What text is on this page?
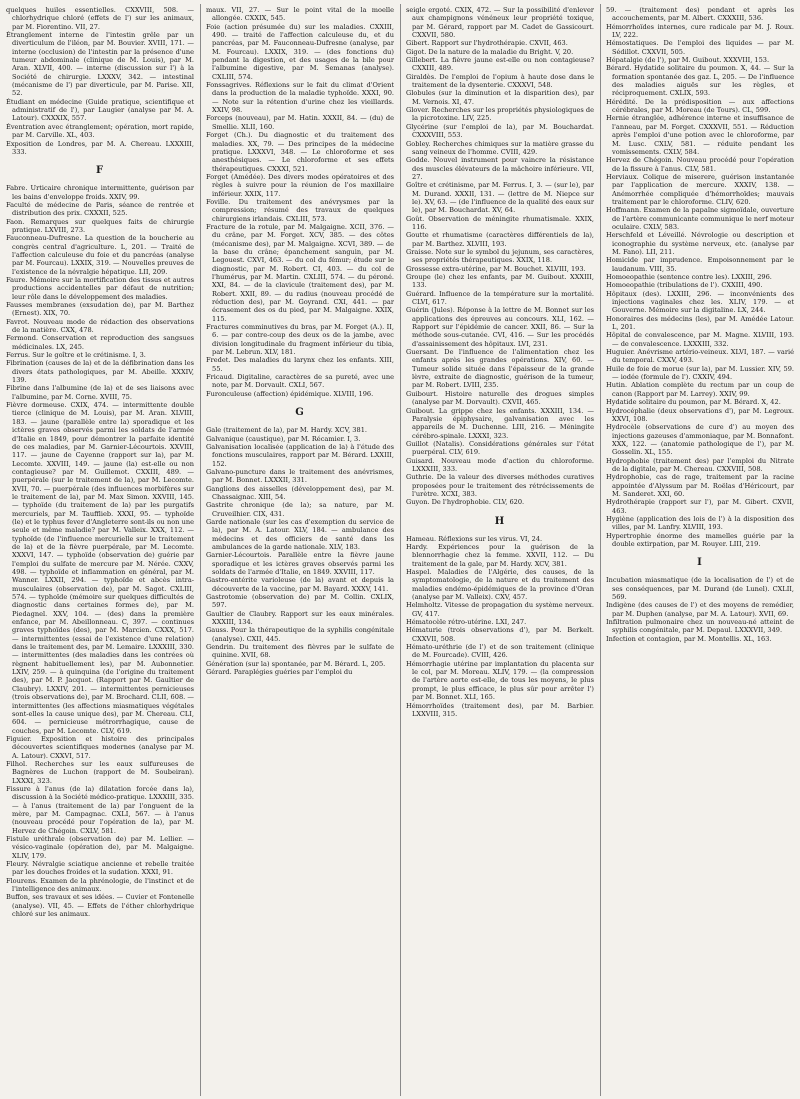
quelques huiles essentielles. CXXVIII, 508. — chlorhydrique chloré (effets de l') sur les animaux, par M. Fiorentino. VII, 27.

Étranglement interne de l'intestin grêle par un diverticulum de l'iléon, par M. Bouvier. XVIII, 171. — interne (occlusion) de l'intestin par la présence d'une tumeur abdominale (clinique de M. Louis), par M. Aran. XLVII, 400. — interne (discussion sur l') à la Société de chirurgie. LXXXV, 342. — intestinal (mécanisme de l') par diverticule, par M. Parise. XII, 52.

Étudiant en médecine (Guide pratique, scientifique et administratif de l'), par Laugier (analyse par M. A. Latour). CXXXIX, 557.

Éventration avec étranglement; opération, mort rapide, par M. Carville. XL, 403.

Exposition de Londres, par M. A. Chereau. LXXXIII, 333.

F

Fabre. Urticaire chronique intermittente, guérison par les bains d'enveloppe froids. XXIV, 99.

Faculté de médecine de Paris, séance de rentrée et distribution des prix. CXXXII, 525.

Faon. Remarques sur quelques faits de chirurgie pratique. LXVIII, 273.

Fauconneau-Dufresne. La question de la boucherie au congrès central d'agriculture. L, 201. — Traité de l'affection calculeuse du foie et du pancréas (analyse par M. Fourcau). LXXIX, 319. — Nouvelles preuves de l'existence de la névralgie hépatique. LII, 209.

Faure. Mémoire sur la mortification des tissus et autres productions accidentelles par défaut de nutrition; leur rôle dans le développement des maladies.

Fausses membranes (exsudation de), par M. Barthez (Ernest). XIX, 70.

Favrot. Nouveau mode de rédaction des observations de la matière. CXX, 478.

Fermond. Conservation et reproduction des sangsues médicinales. LX, 245.

Ferrus. Sur le goître et le crétinisme. I, 3.

Fibrination (causes de la) et de la défibrination dans les divers états pathologiques, par M. Abeille. XXXIV, 139.

Fibrine dans l'albumine (de la) et de ses liaisons avec l'albumine, par M. Corne. XVIII, 75.

Fièvre dormeuse. CXIX, 474. — intermittente double tierce (clinique de M. Louis), par M. Aran. XLVIII, 183. — jaune (parallèle entre la) sporadique et les ictères graves observés parmi les soldats de l'armée d'Italie en 1849, pour démontrer la parfaite identité de ces maladies, par M. Garnier-Lécourtois. XXVIII, 117. — jaune de Cayenne (rapport sur la), par M. Lecomte. XXVIII, 149. — jaune (la) est-elle ou non contagieuse? par M. Guillemot. CXXIII, 489. — puerpérale (sur le traitement de la), par M. Lecomte. XVII, 70. — puerpérale (des influences morbifères sur le traitement de la), par M. Max Simon. XXVIII, 145. — typhoïde (du traitement de la) par les purgatifs mercuriels, par M. Taufflieb. XXXI, 95. — typhoïde (le) et le typhus fever d'Angleterre sont-ils ou non une seule et même maladie? par M. Valleix. XXX, 112. — typhoïde (de l'influence mercurielle sur le traitement de la) et de la fièvre puerpérale, par M. Lecomte. XXXVI, 147. — typhoïde (observation de) guérie par l'emploi du sulfate de mercure par M. Nérée. CXXV, 498. — typhoïde et inflammation en général, par M. Wanner. LXXII, 294. — typhoïde et abcès intra-musculaires (observation de), par M. Sagot. CXLIII, 574. — typhoïde (mémoire sur quelques difficultés de diagnostic dans certaines formes de), par M. Piedagnel. XXV, 104. — (des) dans la première enfance, par M. Abeillonneau. C, 397. — continues graves typhoïdes (des), par M. Marcien. CXXX, 517. — intermittentes (essai de l'existence d'une relation) dans le traitement des, par M. Lemaire. LXXXIII, 330. — intermittentes (des maladies dans les contrées où règnent habituellement les), par M. Aubonnetier. LXIV, 259. — à quinquina (de l'origine du traitement des), par M. P. Jacquot. (Rapport par M. Gaultier de Claubry). LXXIV, 201. — intermittentes pernicieuses (trois observations de), par M. Brochard. CLII, 608. — intermittentes (les affections miasmatiques végétales sont-elles la cause unique des), par M. Chereau. CLI, 604. — pernicieuse métrorrhagique, cause de couches, par M. Lecomte. CLV, 619.

Figuier. Exposition et histoire des principales découvertes scientifiques modernes (analyse par M. A. Latour). CXXVI, 517.

Filhol. Recherches sur les eaux sulfureuses de Bagnères de Luchon (rapport de M. Soubeiran). LXXXI, 323.

Fissure à l'anus (de la) dilatation forcée dans la), discussion à la Société médico-pratique. LXXXIII, 335. — à l'anus (traitement de la) par l'onguent de la mère, par M. Campagnac. CXLI, 567. — à l'anus (nouveau procédé pour l'opération de la), par M. Hervez de Chégoin. CXLV, 581.

Fistule uréthrale (observation de) par M. Lellier. — vésico-vaginale (opération de), par M. Malgaigne. XLIV, 179.

Fleury. Névralgie sciatique ancienne et rebelle traitée par les douches froides et la sudation. XXXI, 91.

Flourens. Examen de la phrénologie, de l'instinct et de l'intelligence des animaux.

Buffon, ses travaux et ses idées. — Cuvier et Fontenelle (analyse). VII, 45. — Effets de l'éther chlorhydrique chloré sur les animaux.

maux. VII, 27. — Sur le point vital de la moelle allongée. CXXIX, 545.

Foie (action présumée du) sur les maladies. CXXIII, 490. — traité de l'affection calculeuse du, et du pancréas, par M. Fauconneau-Dufresne (analyse, par M. Fourcau). LXXIX, 319. — (des fonctions du) pendant la digestion, et des usages de la bile pour l'albumine digestive, par M. Semanas (analyse). CXLIII, 574.

Fonssagrives. Réflexions sur le fait du climat d'Orient dans la production de la maladie typhoïde. XXXI, 90. — Note sur la rétention d'urine chez les vieillards. XXIV, 98.

Forceps (nouveau), par M. Hatin. XXXII, 84. — (du) de Smellie. XLII, 160.

Forget (Ch.). Du diagnostic et du traitement des maladies. XX, 79. — Des principes de la médecine pratique. LXXXVI, 348. — Le chloroforme et ses anesthésiques. — Le chloroforme et ses effets thérapeutiques. CXXXI, 521.

Forget (Amédée). Des divers modes opératoires et des règles à suivre pour la réunion de l'os maxillaire inférieur. XXIX, 117.

Foville. Du traitement des anévrysmes par la compression; résumé des travaux de quelques chirurgiens irlandais. CXLIII, 573.

Fracture de la rotule, par M. Malgaigne. XCII, 376. — du crâne, par M. Forget. XCV, 385. — des côtes (mécanisme des), par M. Malgaigne. XCVI, 389. — de la base du crâne; épanchement sanguin, par M. Legouest. CXVI, 463. — du col du fémur; étude sur le diagnostic, par M. Robert. CI, 403. — du col de l'humérus, par M. Martin. CXLIII, 574. — du péroné. XXI, 84. — de la clavicule (traitement des), par M. Robert. XXII, 89. — du radius (nouveau procédé de réduction des), par M. Goyrand. CXI, 441. — par écrasement des os du pied, par M. Malgaigne. XXIX, 115.

Fractures comminutives du bras, par M. Forget (A.). II, 6. — par contre-coup des deux os de la jambe, avec division longitudinale du fragment inférieur du tibia, par M. Lebrun. XLV, 181.

Fredet. Des maladies du larynx chez les enfants. XIII, 55.

Fricaud. Digitaline, caractères de sa pureté, avec une note, par M. Dorvault. CXLI, 567.

Furonculeuse (affection) épidémique. XLVIII, 196.

G

Gale (traitement de la), par M. Hardy. XCV, 381.

Galvanique (caustique), par M. Récamier. I, 3.

Galvanisation localisée (application de la) à l'étude des fonctions musculaires, rapport par M. Bérard. LXXIII, 152.

Galvano-puncture dans le traitement des anévrismes, par M. Bonnet. LXXXII, 331.

Ganglions des aisselles (développement des), par M. Chassaignac. XIII, 54.

Gastrite chronique (de la); sa nature, par M. Cruveilhier. CIX, 431.

Garde nationale (sur les cas d'exemption du service de la), par M. A. Latour. XLV, 184. — ambulance des médecins et des officiers de santé dans les ambulances de la garde nationale. XLV, 183.

Garnier-Lécourtois. Parallèle entre la fièvre jaune sporadique et les ictères graves observés parmi les soldats de l'armée d'Italie, en 1849. XXVIII, 117.

Gastro-entérite varioleuse (de la) avant et depuis la découverte de la vaccine, par M. Bayard. XXXV, 141.

Gastrotomie (observation de) par M. Collin. CXLIX, 597.

Gaultier de Claubry. Rapport sur les eaux minérales. XXXIII, 134.

Gauss. Pour la thérapeutique de la syphilis congénitale (analyse). CXII, 445.

Gendrin. Du traitement des fièvres par le sulfate de quinine. XVII, 68.

Génération (sur la) spontanée, par M. Bérard. L, 205.

Gérard. Paraplégies guéries par l'emploi du

seigle ergoté. CXIX, 472. — Sur la possibilité d'enlever aux champignons vénéneux leur propriété toxique, par M. Gérard, rapport par M. Cadet de Gassicourt. CXXVII, 580.

Gibert. Rapport sur l'hydrothérapie. CXVII, 463.

Gigot. De la nature de la maladie du Bright. V, 20.

Gillebert. La fièvre jaune est-elle ou non contagieuse? CXXIII, 489.

Giraldès. De l'emploi de l'opium à haute dose dans le traitement de la dysenterie. CXXXVI, 548.

Globules (sur la diminution et la disparition des), par M. Vernois. XI, 47.

Glover. Recherches sur les propriétés physiologiques de la picrotoxine. LIV, 225.

Glycérine (sur l'emploi de la), par M. Bouchardat. CXXXVIII, 553.

Gobley. Recherches chimiques sur la matière grasse du sang veineux de l'homme. CVIII, 429.

Godde. Nouvel instrument pour vaincre la résistance des muscles élévateurs de la mâchoire inférieure. VII, 27.

Goître et crétinisme, par M. Ferrus. I, 3. — (sur le), par M. Durand. XXXII, 131. — (lettre de M. Niepce sur le). XV, 63. — (de l'influence de la qualité des eaux sur le), par M. Bouchardat. XV, 64.

Goût. Observation de méningite rhumatismale. XXIX, 116.

Goutte et rhumatisme (caractères différentiels de la), par M. Barthez. XLVIII, 193.

Graisse. Note sur le symbol du jejunum, ses caractères, ses propriétés thérapeutiques. XXIX, 118.

Grossesse extra-utérine, par M. Bouchet. XLVIII, 193.

Groupe (le) chez les enfants, par M. Guibout. XXXIII, 133.

Guérard. Influence de la température sur la mortalité. CLVI, 617.

Guérin (Jules). Réponse à la lettre de M. Bonnet sur les applications des épreuves au concours. XLI, 162. — Rapport sur l'épidémie de cancer. XXII, 86. — Sur la méthode sous-cutanée. CVI, 416. — Sur les procédés d'assainissement des hôpitaux. LVI, 231.

Guersant. De l'influence de l'alimentation chez les enfants après les grandes opérations. XIV, 60. — Tumeur solide située dans l'épaisseur de la grande lèvre, extraite de diagnostic, guérison de la tumeur, par M. Robert. LVIII, 235.

Guibourt. Histoire naturelle des drogues simples (analyse par M. Dorvault). CXVII, 465.

Guibout. La grippe chez les enfants. XXXIII, 134. — Paralysie épiphysaire, galvanisation avec les appareils de M. Duchenne. LIII, 216. — Méningite cérébro-spinale. LXXXI, 323.

Guillot (Natalis). Considérations générales sur l'état puerpéral. CLV, 619.

Guisard. Nouveau mode d'action du chloroforme. LXXXIII, 333.

Guthrie. De la valeur des diverses méthodes curatives proposées pour le traitement des rétrécissements de l'urètre. XCXI, 383.

Guyon. De l'hydrophobie. CLV, 620.

H

Hameau. Réflexions sur les virus. VI, 24.

Hardy. Expériences pour la guérison de la blennorrhagie chez la femme. XXVII, 112. — Du traitement de la gale, par M. Hardy. XCV, 381.

Haspel. Maladies de l'Algérie, des causes, de la symptomatologie, de la nature et du traitement des maladies endémo-épidémiques de la province d'Oran (analyse par M. Valleix). CXV, 457.

Helmholtz. Vitesse de propagation du système nerveux. GV, 417.

Hématocèle rétro-utérine. LXI, 247.

Hématurie (trois observations d'), par M. Berkelt. CXXVII, 508.

Hémato-uréthrie (de l') et de son traitement (clinique de M. Fourcade). CVIII, 426.

Hémorrhagie utérine par implantation du placenta sur le col, par M. Moreau. XLIV, 179. — (la compression de l'artère aorte est-elle, de tous les moyens, le plus prompt, le plus efficace, le plus sûr pour arrêter l') par M. Bonnet. XLI, 165.

Hémorrhoïdes (traitement des), par M. Barbier. LXXVIII, 315.

59. — (traitement des) pendant et après les accouchements, par M. Albert. CXXXIII, 536.

Hémorrhoïdes internes, cure radicale par M. J. Roux. LV, 222.

Hémostatiques. De l'emploi des liquides — par M. Sédillot. CXXVII, 505.

Hépatalgie (de l'), par M. Guibout. XXXVIII, 153.

Bérard. Hydatide solitaire du poumon. X, 44. — Sur la formation spontanée des gaz. L, 205. — De l'influence des maladies aiguës sur les règles, et réciproquement. CXLIX, 593.

Hérédité. De la prédisposition — aux affections cérébrales, par M. Moreau (de Tours). CL, 599.

Hernie étranglée, adhérence interne et insuffisance de l'anneau, par M. Forget. CXXXVII, 551. — Réduction après l'emploi d'une potion avec le chloroforme, par M. Lusc. CXLV, 581. — réduite pendant les vomissements. CXLV, 584.

Hervez de Chégoin. Nouveau procédé pour l'opération de la fissure à l'anus. CLV, 581.

Herviaux. Colique de miserere, guérison instantanée par l'application de mercure. XXXIV, 138. — Anémorrhée compliquée d'hémorrhoïdes; mauvais traitement par le chloroforme. CLIV, 620.

Hoffmann. Examen de la papaïne sigmoïdale, ouverture de l'artère communicante communique le nerf moteur oculaire. CXLV, 583.

Herschfeld et Léveillé. Névrologie ou description et iconographie du système nerveux, etc. (analyse par M. Fano). LII, 211.

Homicide par imprudence. Empoisonnement par le laudanum. VIII, 35.

Homoeopathie (sentence contre les). LXXIII, 296.

Homoeopathie (tribulations de l'). CXXIII, 490.

Hôpitaux (des). LXXIII, 296. — inconvénients des injections vaginales chez les. XLIV, 179. — et Gouverne. Mémoire sur la digitaline. LX, 244.

Honoraires des médecins (les), par M. Amédée Latour. L, 201.

Hôpital de convalescence, par M. Magne. XLVIII, 193. — de convalescence. LXXXIII, 332.

Huguier. Anévrisme artério-veineux. XLVI, 187. — varié du temporal. CXXV, 493.

Huile de foie de morue (sur la), par M. Lussier. XIV, 59. — iodée (formule de l'). CXXIV, 494.

Hutin. Ablation complète du rectum par un coup de canon (Rapport par M. Larrey). XXIV, 99.

Hydatide solitaire du poumon, par M. Bérard. X, 42.

Hydrocéphalie (deux observations d'), par M. Legroux. XXVI, 108.

Hydrocèle (observations de cure d') au moyen des injections gazeuses d'ammoniaque, par M. Bonnafont. XXX, 122. — (anatomie pathologique de l'), par M. Gosselin. XL, 155.

Hydrophobie (traitement des) par l'emploi du Nitrate de la digitale, par M. Chereau. CXXVIII, 508.

Hydrophobie, cas de rage, traitement par la racine appointée d'Alyssum par M. Roëlas d'Héricourt, par M. Sanderet. XXI, 60.

Hydrothérapie (rapport sur l'), par M. Gibert. CXVII, 463.

Hygiène (application des lois de l') à la disposition des villes, par M. Lanfry. XLVIII, 193.

Hypertrophie énorme des mamelles guérie par la double extirpation, par M. Rouyer. LIII, 219.

I

Incubation miasmatique (de la localisation de l') et de ses conséquences, par M. Durand (de Lunel). CXLII, 569.

Indigène (des causes de l') et des moyens de remédier, par M. Duphen (analyse, par M. A. Latour). XVII, 69.

Infiltration pulmonaire chez un nouveau-né atteint de syphilis congénitale, par M. Depaul. LXXXVII, 349.

Infection et contagion, par M. Montellis. XL, 163.
